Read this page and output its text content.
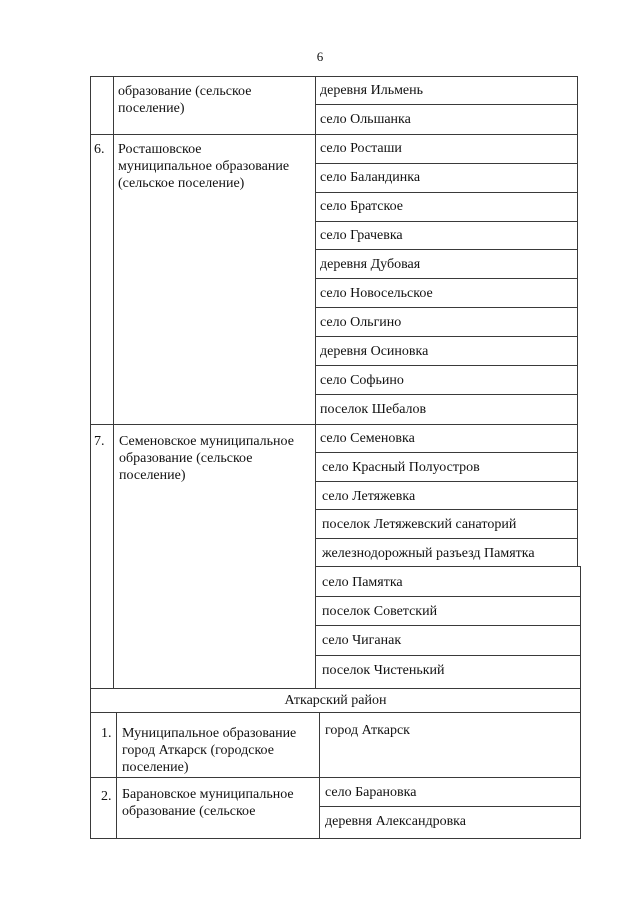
6
образование (сельское
поселение)
деревня Ильмень
село Ольшанка
6. Росташовское
муниципальное образование
(сельское поселение)
село Росташи
село Баландинка
село Братское
село Грачевка
деревня Дубовая
село Новосельское
село Ольгино
деревня Осиновка
село Софьино
поселок Шебалов
7. Семеновское муниципальное
образование (сельское
поселение)
село Семеновка
село Красный Полуостров
село Летяжевка
поселок Летяжевский санаторий
железнодорожный разъезд Памятка
село Памятка
поселок Советский
село Чиганак
поселок Чистенький
Аткарский район
1. Муниципальное образование
город Аткарск (городское
поселение)
город Аткарск
2. Барановское муниципальное
образование (сельское
село Барановка
деревня Александровка
